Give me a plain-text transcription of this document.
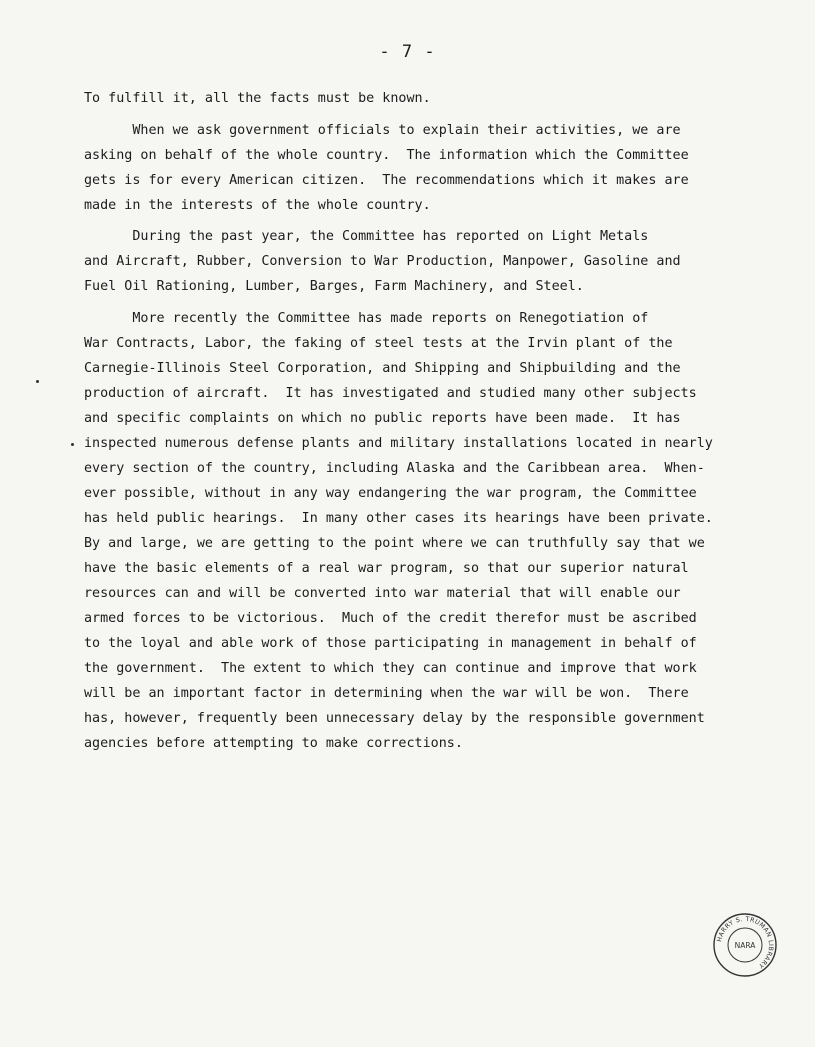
- 7 -
To fulfill it, all the facts must be known.
When we ask government officials to explain their activities, we are
asking on behalf of the whole country.  The information which the Committee
gets is for every American citizen.  The recommendations which it makes are
made in the interests of the whole country.
During the past year, the Committee has reported on Light Metals
and Aircraft, Rubber, Conversion to War Production, Manpower, Gasoline and
Fuel Oil Rationing, Lumber, Barges, Farm Machinery, and Steel.
More recently the Committee has made reports on Renegotiation of
War Contracts, Labor, the faking of steel tests at the Irvin plant of the
Carnegie-Illinois Steel Corporation, and Shipping and Shipbuilding and the
production of aircraft.  It has investigated and studied many other subjects
and specific complaints on which no public reports have been made.  It has
inspected numerous defense plants and military installations located in nearly
every section of the country, including Alaska and the Caribbean area.  When-
ever possible, without in any way endangering the war program, the Committee
has held public hearings.  In many other cases its hearings have been private.
By and large, we are getting to the point where we can truthfully say that we
have the basic elements of a real war program, so that our superior natural
resources can and will be converted into war material that will enable our
armed forces to be victorious.  Much of the credit therefor must be ascribed
to the loyal and able work of those participating in management in behalf of
the government.  The extent to which they can continue and improve that work
will be an important factor in determining when the war will be won.  There
has, however, frequently been unnecessary delay by the responsible government
agencies before attempting to make corrections.
HARRY S. TRUMAN LIBRARY
NARA
